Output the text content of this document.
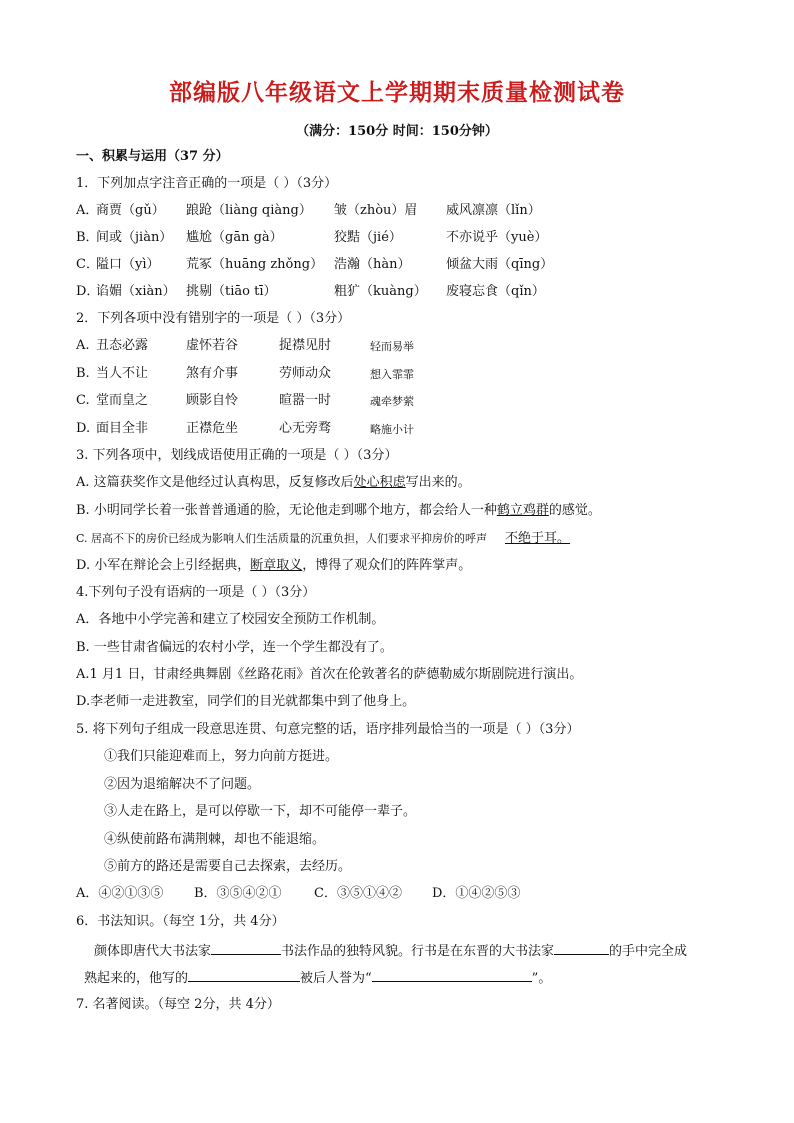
部编版八年级语文上学期期末质量检测试卷
（满分：150分 时间：150分钟）
一、积累与运用（37 分）
1．下列加点字注音正确的一项是（ ）（3分）
A．
商贾（gǔ） 踉跄（liàng qiàng） 皱（zhòu）眉 威风凛凛（lǐn）
B．
间或（jiàn） 尴尬（gān gà）	狡黠（jié）	不亦说乎（yuè）
C．
隘口（yì） 荒冢（huāng zhǒng） 浩瀚（hàn）	倾盆大雨（qīng）
D．
谄媚（xiàn） 挑剔（tiāo tī）	粗犷（kuàng） 废寝忘食（qǐn）
2．下列各项中没有错别字的一项是（ ）（3分）
A. 丑态必露	虚怀若谷	捉襟见肘	轻而易举
B. 当人不让	煞有介事	劳师动众	想入霏霏
C. 堂而皇之	顾影自怜	暄嚣一时	魂牵梦萦
D. 面目全非	正襟危坐	心无旁骛	略施小计
3. 下列各项中，划线成语使用正确的一项是（ ）（3分）
A. 这篇获奖作文是他经过认真构思，反复修改后处心积虑写出来的。
B. 小明同学长着一张普普通通的脸，无论他走到哪个地方，都会给人一种鹤立鸡群的感觉。
C. 居高不下的房价已经成为影响人们生活质量的沉重负担，人们要求平抑房价的呼声 不绝于耳。
D. 小军在辩论会上引经据典，断章取义，博得了观众们的阵阵掌声。
4.下列句子没有语病的一项是（ ）（3分）
A．各地中小学完善和建立了校园安全预防工作机制。
B. 一些甘肃省偏远的农村小学，连一个学生都没有了。
A.1 月1 日，甘肃经典舞剧《丝路花雨》首次在伦敦著名的萨德勒威尔斯剧院进行演出。
D.李老师一走进教室，同学们的目光就都集中到了他身上。
5. 将下列句子组成一段意思连贯、句意完整的话，语序排列最恰当的一项是（ ）（3分）
①我们只能迎难而上，努力向前方挺进。
②因为退缩解决不了问题。
③人走在路上，是可以停歇一下，却不可能停一辈子。
④纵使前路布满荆棘，却也不能退缩。
⑤前方的路还是需要自己去探索，去经历。
A．④②①③⑤ B．③⑤④②① C．③⑤①④② D．①④②⑤③
6．书法知识。（每空 1分，共 4分）
颜体即唐代大书法家	书法作品的独特风貌。行书是在东晋的大书法家	的手中完全成
熟起来的，他写的	被后人誉为“	”。
7. 名著阅读。（每空 2分，共 4分）
